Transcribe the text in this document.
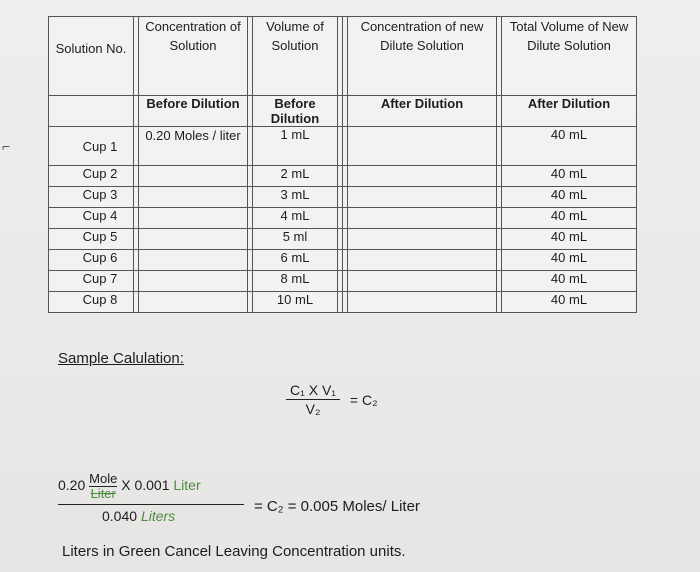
⌐
Solution No.		Concentration of Solution		Volume of Solution			Concentration of new Dilute Solution		Total Volume of New Dilute Solution
		Before Dilution		Before Dilution			After Dilution		After Dilution
Cup 1		0.20 Moles / liter		1 mL					40 mL
Cup 2				2 mL					40 mL
Cup 3				3 mL					40 mL
Cup 4				4 mL					40 mL
Cup 5				5 ml					40 mL
Cup 6				6 mL					40 mL
Cup 7				8 mL					40 mL
Cup 8				10 mL					40 mL
Sample Calulation:
$\frac{\text{C₁ X V₁}}{\text{V₂}} = C_2$
0.20 Mole
Liter
X 0.001 Liter
0.040 Liters
= C₂ = 0.005 Moles/ Liter
Liters in Green Cancel Leaving Concentration units.
